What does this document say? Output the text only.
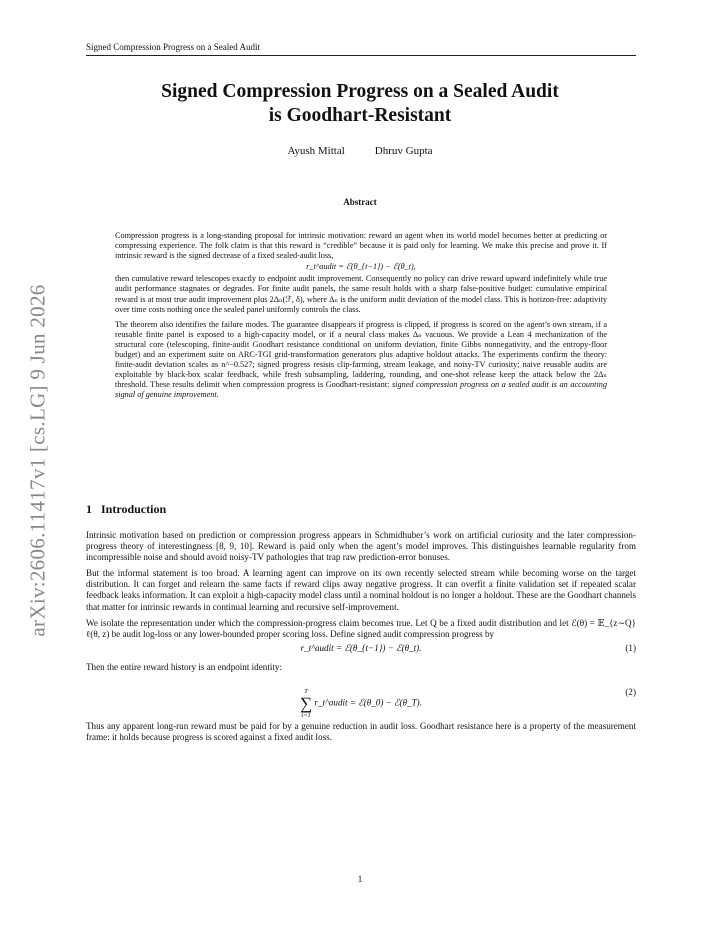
Signed Compression Progress on a Sealed Audit
arXiv:2606.11417v1 [cs.LG] 9 Jun 2026
Signed Compression Progress on a Sealed Audit
is Goodhart-Resistant
Ayush Mittal	Dhruv Gupta
Abstract

Compression progress is a long-standing proposal for intrinsic motivation: reward an agent when its world model becomes better at predicting or compressing experience. The folk claim is that this reward is “credible” because it is paid only for learning. We make this precise and prove it. If intrinsic reward is the signed decrease of a fixed sealed-audit loss,
r_t^audit = ℰ(θ_{t−1}) − ℰ(θ_t),
then cumulative reward telescopes exactly to endpoint audit improvement. Consequently no policy can drive reward upward indefinitely while true audit performance stagnates or degrades. For finite audit panels, the same result holds with a sharp false-positive budget: cumulative empirical reward is at most true audit improvement plus 2Δₙ(ℱ, δ), where Δₙ is the uniform audit deviation of the model class. This is horizon-free: adaptivity over time costs nothing once the sealed panel uniformly controls the class.

The theorem also identifies the failure modes. The guarantee disappears if progress is clipped, if progress is scored on the agent’s own stream, if a reusable finite panel is exposed to a high-capacity model, or if a neural class makes Δₙ vacuous. We provide a Lean 4 mechanization of the structural core (telescoping, finite-audit Goodhart resistance conditional on uniform deviation, finite Gibbs nonnegativity, and the entropy-floor budget) and an experiment suite on ARC-TGI grid-transformation generators plus adaptive holdout attacks. The experiments confirm the theory: finite-audit deviation scales as n^−0.527; signed progress resists clip-farming, stream leakage, and noisy-TV curiosity; naive reusable audits are exploitable by black-box scalar feedback, while fresh subsampling, laddering, rounding, and one-shot release keep the attack below the 2Δₙ threshold. These results delimit when compression progress is Goodhart-resistant: signed compression progress on a sealed audit is an accounting signal of genuine improvement.

1 Introduction

Intrinsic motivation based on prediction or compression progress appears in Schmidhuber’s work on artificial curiosity and the later compression-progress theory of interestingness [8, 9, 10]. Reward is paid only when the agent’s model improves. This distinguishes learnable regularity from incompressible noise and should avoid noisy-TV pathologies that trap raw prediction-error bonuses.

But the informal statement is too broad. A learning agent can improve on its own recently selected stream while becoming worse on the target distribution. It can forget and relearn the same facts if reward clips away negative progress. It can overfit a finite validation set if repeated scalar feedback leaks information. It can exploit a high-capacity model class until a nominal holdout is no longer a holdout. These are the Goodhart channels that matter for intrinsic rewards in continual learning and recursive self-improvement.

We isolate the representation under which the compression-progress claim becomes true. Let Q be a fixed audit distribution and let ℰ(θ) = 𝔼_{z∼Q} ℓ(θ, z) be audit log-loss or any lower-bounded proper scoring loss. Define signed audit compression progress by

r_t^audit = ℰ(θ_{t−1}) − ℰ(θ_t).	(1)

Then the entire reward history is an endpoint identity:

T
∑
t=1
r_t^audit = ℰ(θ_0) − ℰ(θ_T).
(2)

Thus any apparent long-run reward must be paid for by a genuine reduction in audit loss. Goodhart resistance here is a property of the measurement frame: it holds because progress is scored against a fixed audit loss.

1
